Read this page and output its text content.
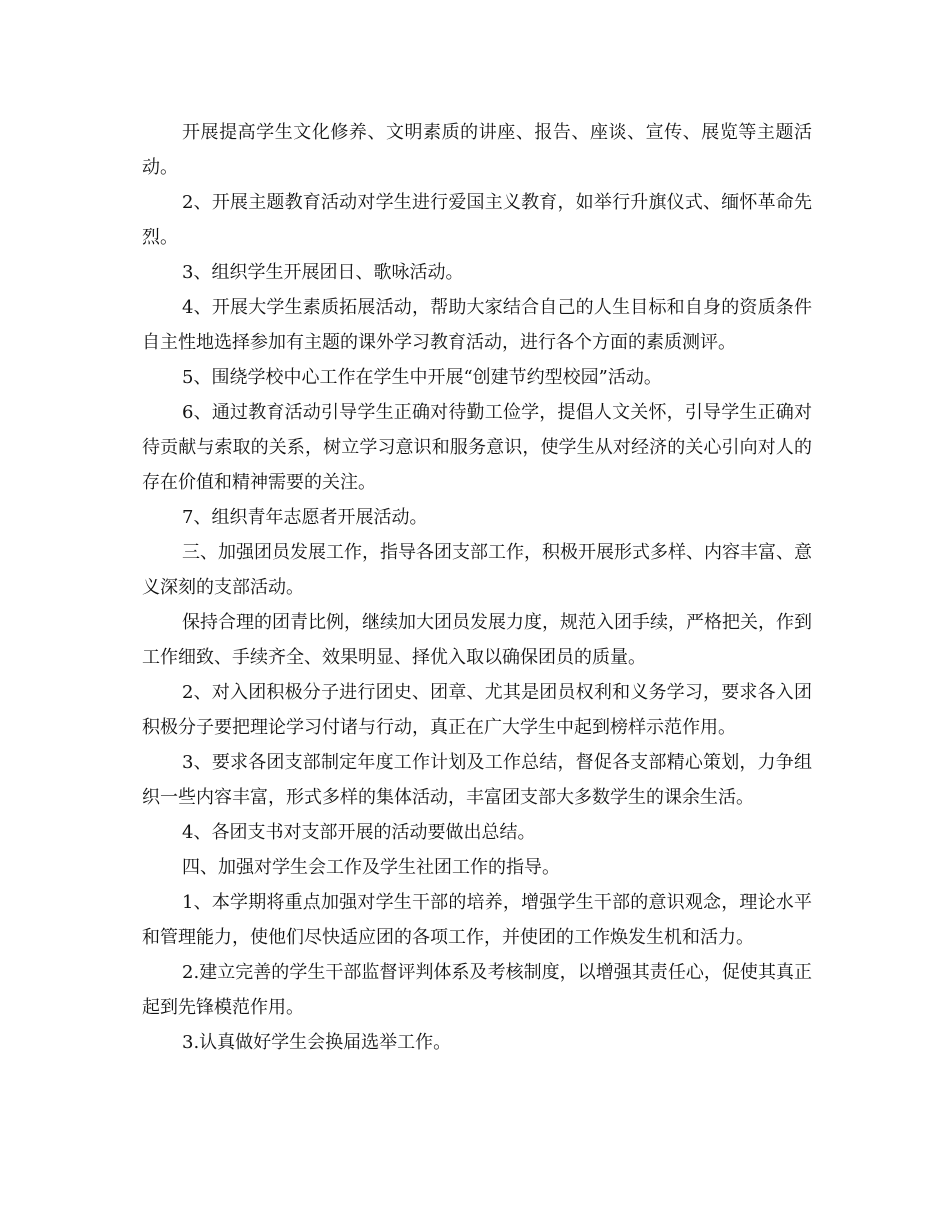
开展提高学生文化修养、文明素质的讲座、报告、座谈、宣传、展览等主题活动。

2、开展主题教育活动对学生进行爱国主义教育，如举行升旗仪式、缅怀革命先烈。

3、组织学生开展团日、歌咏活动。

4、开展大学生素质拓展活动，帮助大家结合自己的人生目标和自身的资质条件自主性地选择参加有主题的课外学习教育活动，进行各个方面的素质测评。

5、围绕学校中心工作在学生中开展“创建节约型校园”活动。

6、通过教育活动引导学生正确对待勤工俭学，提倡人文关怀，引导学生正确对待贡献与索取的关系，树立学习意识和服务意识，使学生从对经济的关心引向对人的存在价值和精神需要的关注。

7、组织青年志愿者开展活动。

三、加强团员发展工作，指导各团支部工作，积极开展形式多样、内容丰富、意义深刻的支部活动。

保持合理的团青比例，继续加大团员发展力度，规范入团手续，严格把关，作到工作细致、手续齐全、效果明显、择优入取以确保团员的质量。

2、对入团积极分子进行团史、团章、尤其是团员权利和义务学习，要求各入团积极分子要把理论学习付诸与行动，真正在广大学生中起到榜样示范作用。

3、要求各团支部制定年度工作计划及工作总结，督促各支部精心策划，力争组织一些内容丰富，形式多样的集体活动，丰富团支部大多数学生的课余生活。

4、各团支书对支部开展的活动要做出总结。

四、加强对学生会工作及学生社团工作的指导。

1、本学期将重点加强对学生干部的培养，增强学生干部的意识观念，理论水平和管理能力，使他们尽快适应团的各项工作，并使团的工作焕发生机和活力。

2.建立完善的学生干部监督评判体系及考核制度，以增强其责任心，促使其真正起到先锋模范作用。

3.认真做好学生会换届选举工作。
